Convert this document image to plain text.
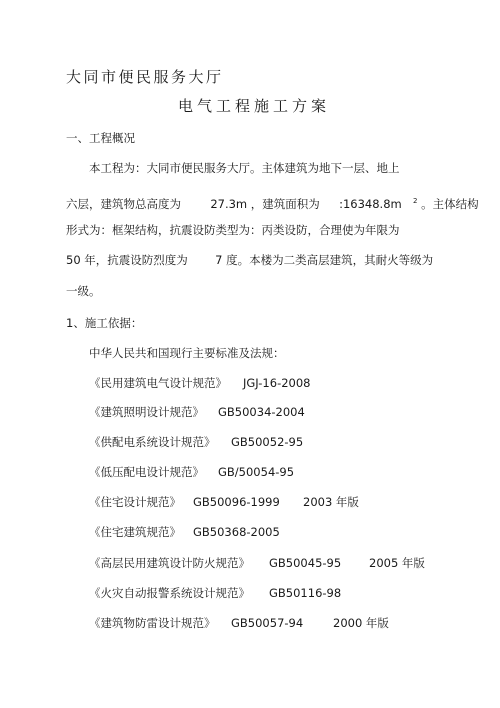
大同市便民服务大厅
电气工程施工方案
一、工程概况
本工程为：大同市便民服务大厅。主体建筑为地下一层、地上
六层，建筑物总高度为	27.3m ，建筑面积为 :16348.8m $^2$ 。主体结构
形式为：框架结构，抗震设防类型为：丙类设防，合理使为年限为
50 年，抗震设防烈度为 7 度。本楼为二类高层建筑，其耐火等级为
一级。
1、施工依据：
中华人民共和国现行主要标准及法规：
《民用建筑电气设计规范》 JGJ-16-2008
《建筑照明设计规范》 GB50034-2004
《供配电系统设计规范》 GB50052-95
《低压配电设计规范》 GB/50054-95
《住宅设计规范》 GB50096-1999 2003 年版
《住宅建筑规范》 GB50368-2005
《高层民用建筑设计防火规范》 GB50045-95 2005 年版
《火灾自动报警系统设计规范》 GB50116-98
《建筑物防雷设计规范》 GB50057-94	2000 年版
